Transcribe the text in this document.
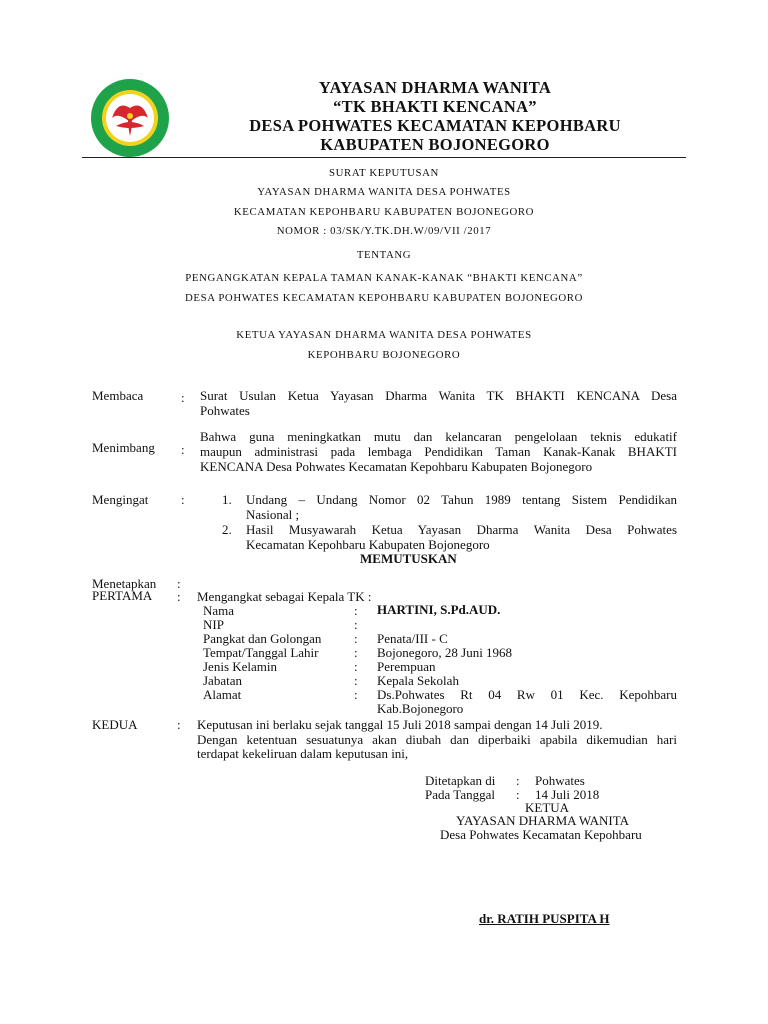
YAYASAN DHARMA WANITA
“TK BHAKTI KENCANA”
DESA POHWATES KECAMATAN KEPOHBARU
KABUPATEN BOJONEGORO
SURAT KEPUTUSAN
YAYASAN DHARMA WANITA DESA POHWATES
KECAMATAN KEPOHBARU KABUPATEN BOJONEGORO
NOMOR : 03/SK/Y.TK.DH.W/09/VII /2017
TENTANG
PENGANGKATAN KEPALA TAMAN KANAK-KANAK “BHAKTI KENCANA”
DESA POHWATES KECAMATAN KEPOHBARU KABUPATEN BOJONEGORO
KETUA YAYASAN DHARMA WANITA DESA POHWATES
KEPOHBARU BOJONEGORO
Membaca	: Surat Usulan Ketua Yayasan Dharma Wanita TK BHAKTI KENCANA Desa
Pohwates
Menimbang :
Bahwa guna meningkatkan mutu dan kelancaran pengelolaan teknis edukatif
maupun administrasi pada lembaga Pendidikan Taman Kanak-Kanak BHAKTI
KENCANA Desa Pohwates Kecamatan Kepohbaru Kabupaten Bojonegoro
Mengingat	:	1. Undang – Undang Nomor 02 Tahun 1989 tentang Sistem Pendidikan
Nasional ;
2. Hasil Musyawarah Ketua Yayasan Dharma Wanita Desa Pohwates
Kecamatan Kepohbaru Kabupaten Bojonegoro
MEMUTUSKAN
Menetapkan :
PERTAMA : Mengangkat sebagai Kepala TK :
Nama	: HARTINI, S.Pd.AUD.
NIP	:
Pangkat dan Golongan	: Penata/III - C
Tempat/Tanggal Lahir	: Bojonegoro, 28 Juni 1968
Jenis Kelamin	: Perempuan
Jabatan	: Kepala Sekolah
Alamat	: Ds.Pohwates Rt 04 Rw 01 Kec. Kepohbaru
Kab.Bojonegoro
KEDUA	: Keputusan ini berlaku sejak tanggal 15 Juli 2018 sampai dengan 14 Juli 2019.
Dengan ketentuan sesuatunya akan diubah dan diperbaiki apabila dikemudian hari
terdapat kekeliruan dalam keputusan ini,
Ditetapkan di : Pohwates
Pada Tanggal : 14 Juli 2018
KETUA
YAYASAN DHARMA WANITA
Desa Pohwates Kecamatan Kepohbaru
dr. RATIH PUSPITA H
